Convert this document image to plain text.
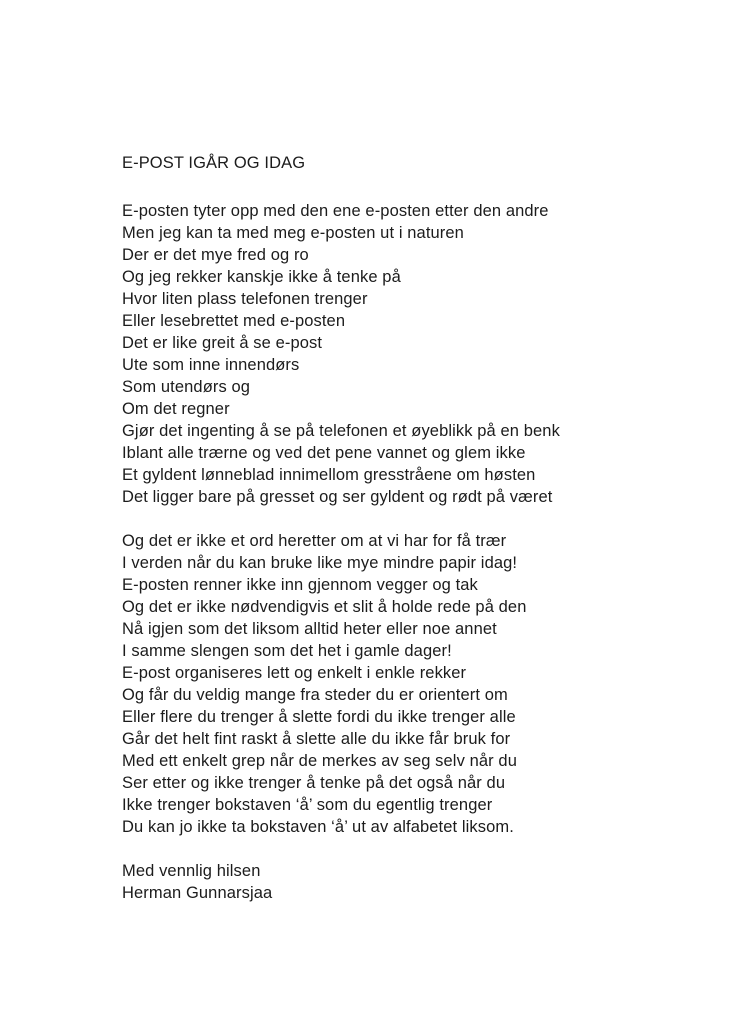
E-POST IGÅR OG IDAG
E-posten tyter opp med den ene e-posten etter den andre
Men jeg kan ta med meg e-posten ut i naturen
Der er det mye fred og ro
Og jeg rekker kanskje ikke å tenke på
Hvor liten plass telefonen trenger
Eller lesebrettet med e-posten
Det er like greit å se e-post
Ute som inne innendørs
Som utendørs og
Om det regner
Gjør det ingenting å se på telefonen et øyeblikk på en benk
Iblant alle trærne og ved det pene vannet og glem ikke
Et gyldent lønneblad innimellom gresstråene om høsten
Det ligger bare på gresset og ser gyldent og rødt på været
Og det er ikke et ord heretter om at vi har for få trær
I verden når du kan bruke like mye mindre papir idag!
E-posten renner ikke inn gjennom vegger og tak
Og det er ikke nødvendigvis et slit å holde rede på den
Nå igjen som det liksom alltid heter eller noe annet
I samme slengen som det het i gamle dager!
E-post organiseres lett og enkelt i enkle rekker
Og får du veldig mange fra steder du er orientert om
Eller flere du trenger å slette fordi du ikke trenger alle
Går det helt fint raskt å slette alle du ikke får bruk for
Med ett enkelt grep når de merkes av seg selv når du
Ser etter og ikke trenger å tenke på det også når du
Ikke trenger bokstaven ‘å’ som du egentlig trenger
Du kan jo ikke ta bokstaven ‘å’ ut av alfabetet liksom.
Med vennlig hilsen
Herman Gunnarsjaa
